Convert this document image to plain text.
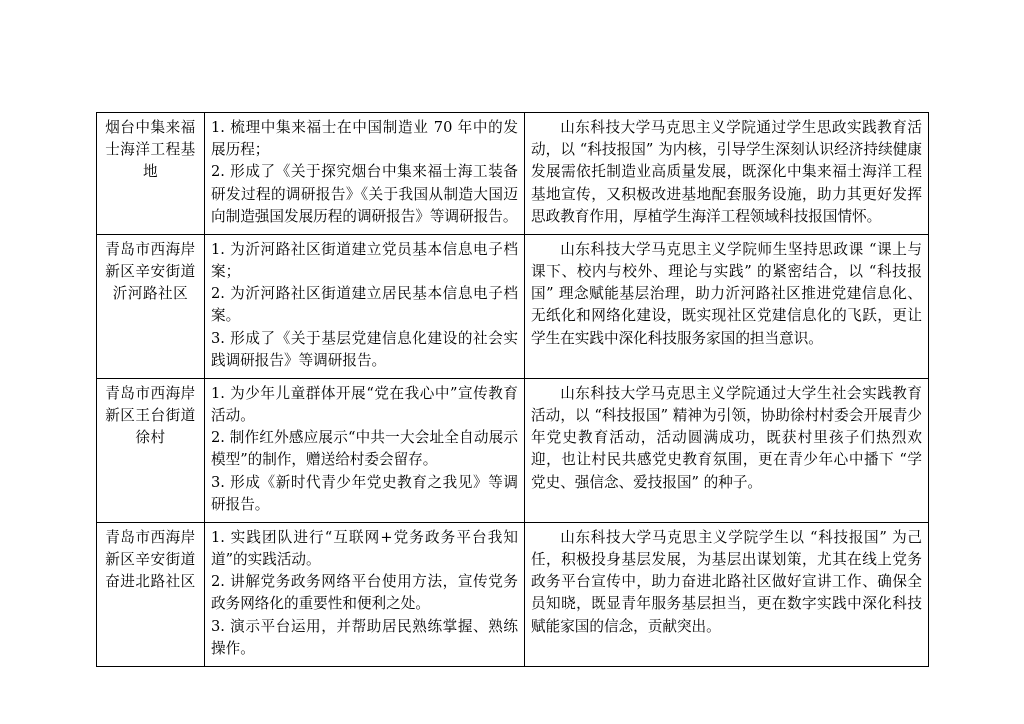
烟台中集来福士海洋工程基地	1. 梳理中集来福士在中国制造业 70 年中的发展历程；
2. 形成了《关于探究烟台中集来福士海工装备研发过程的调研报告》《关于我国从制造大国迈向制造强国发展历程的调研报告》等调研报告。	山东科技大学马克思主义学院通过学生思政实践教育活动，以 “科技报国” 为内核，引导学生深刻认识经济持续健康发展需依托制造业高质量发展，既深化中集来福士海洋工程基地宣传，又积极改进基地配套服务设施，助力其更好发挥思政教育作用，厚植学生海洋工程领域科技报国情怀。

青岛市西海岸新区辛安街道沂河路社区	1. 为沂河路社区街道建立党员基本信息电子档案；
2. 为沂河路社区街道建立居民基本信息电子档案。
3. 形成了《关于基层党建信息化建设的社会实践调研报告》等调研报告。	山东科技大学马克思主义学院师生坚持思政课 “课上与课下、校内与校外、理论与实践” 的紧密结合，以 “科技报国” 理念赋能基层治理，助力沂河路社区推进党建信息化、无纸化和网络化建设，既实现社区党建信息化的飞跃，更让学生在实践中深化科技服务家国的担当意识。

青岛市西海岸新区王台街道徐村	1. 为少年儿童群体开展“党在我心中”宣传教育活动。
2. 制作红外感应展示“中共一大会址全自动展示模型”的制作，赠送给村委会留存。
3. 形成《新时代青少年党史教育之我见》等调研报告。	山东科技大学马克思主义学院通过大学生社会实践教育活动，以 “科技报国” 精神为引领，协助徐村村委会开展青少年党史教育活动，活动圆满成功，既获村里孩子们热烈欢迎，也让村民共感党史教育氛围，更在青少年心中播下 “学党史、强信念、爱技报国” 的种子。

青岛市西海岸新区辛安街道奋进北路社区	1. 实践团队进行“互联网+党务政务平台我知道”的实践活动。
2. 讲解党务政务网络平台使用方法，宣传党务政务网络化的重要性和便利之处。
3. 演示平台运用，并帮助居民熟练掌握、熟练操作。	山东科技大学马克思主义学院学生以 “科技报国” 为己任，积极投身基层发展，为基层出谋划策，尤其在线上党务政务平台宣传中，助力奋进北路社区做好宣讲工作、确保全员知晓，既显青年服务基层担当，更在数字实践中深化科技赋能家国的信念，贡献突出。
